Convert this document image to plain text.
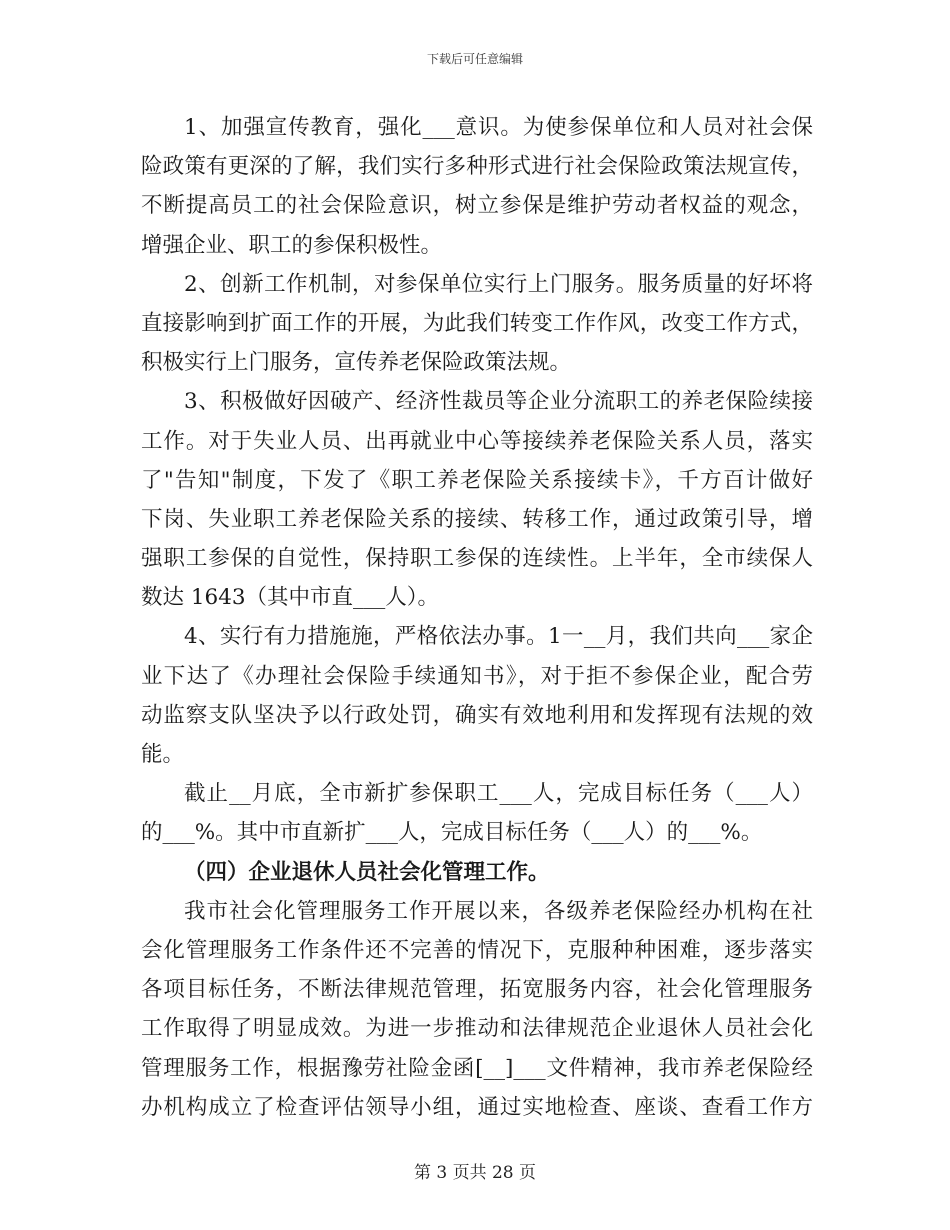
下载后可任意编辑
1、加强宣传教育，强化___意识。为使参保单位和人员对社会保
险政策有更深的了解，我们实行多种形式进行社会保险政策法规宣传，
不断提高员工的社会保险意识，树立参保是维护劳动者权益的观念，
增强企业、职工的参保积极性。
2、创新工作机制，对参保单位实行上门服务。服务质量的好坏将
直接影响到扩面工作的开展，为此我们转变工作作风，改变工作方式，
积极实行上门服务，宣传养老保险政策法规。
3、积极做好因破产、经济性裁员等企业分流职工的养老保险续接
工作。对于失业人员、出再就业中心等接续养老保险关系人员，落实
了"告知"制度，下发了《职工养老保险关系接续卡》，千方百计做好
下岗、失业职工养老保险关系的接续、转移工作，通过政策引导，增
强职工参保的自觉性，保持职工参保的连续性。上半年，全市续保人
数达 1643（其中市直___人）。
4、实行有力措施施，严格依法办事。1一__月，我们共向___家企
业下达了《办理社会保险手续通知书》，对于拒不参保企业，配合劳
动监察支队坚决予以行政处罚，确实有效地利用和发挥现有法规的效
能。
截止__月底，全市新扩参保职工___人，完成目标任务（___人）
的___%。其中市直新扩___人，完成目标任务（___人）的___%。
（四）企业退休人员社会化管理工作。
我市社会化管理服务工作开展以来，各级养老保险经办机构在社
会化管理服务工作条件还不完善的情况下，克服种种困难，逐步落实
各项目标任务，不断法律规范管理，拓宽服务内容，社会化管理服务
工作取得了明显成效。为进一步推动和法律规范企业退休人员社会化
管理服务工作，根据豫劳社险金函[__]___文件精神，我市养老保险经
办机构成立了检查评估领导小组，通过实地检查、座谈、查看工作方
第 3 页共 28 页
